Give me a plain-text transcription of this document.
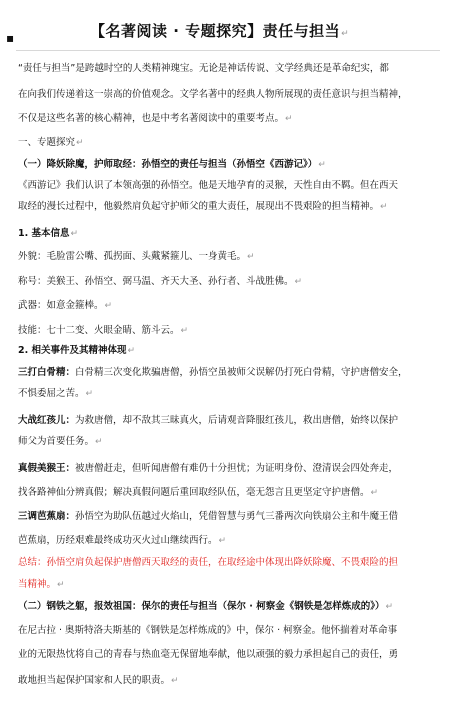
▪	【名著阅读 · 专题探究】责任与担当↵
“责任与担当”是跨越时空的人类精神瑰宝。无论是神话传说、文学经典还是革命纪实，都
在向我们传递着这一崇高的价值观念。文学名著中的经典人物所展现的责任意识与担当精神，
不仅是这些名著的核心精神，也是中考名著阅读中的重要考点。↵
一、专题探究↵
（一）降妖除魔，护师取经：孙悟空的责任与担当（孙悟空《西游记》）↵
《西游记》我们认识了本领高强的孙悟空。他是天地孕育的灵猴，天性自由不羁。但在西天
取经的漫长过程中，他毅然肩负起守护师父的重大责任，展现出不畏艰险的担当精神。↵
1. 基本信息↵
外貌：毛脸雷公嘴、孤拐面、头戴紧箍儿、一身黄毛。↵
称号：美猴王、孙悟空、弼马温、齐天大圣、孙行者、斗战胜佛。↵
武器：如意金箍棒。↵
技能：七十二变、火眼金睛、筋斗云。↵
2. 相关事件及其精神体现↵
三打白骨精：白骨精三次变化欺骗唐僧，孙悟空虽被师父误解仍打死白骨精，守护唐僧安全，
不惧委屈之苦。↵
大战红孩儿：为救唐僧，却不敌其三昧真火，后请观音降服红孩儿，救出唐僧，始终以保护
师父为首要任务。↵
真假美猴王：被唐僧赶走，但听闻唐僧有难仍十分担忧；为证明身份、澄清误会四处奔走，
找各路神仙分辨真假；解决真假问题后重回取经队伍，毫无怨言且更坚定守护唐僧。↵
三调芭蕉扇：孙悟空为助队伍越过火焰山，凭借智慧与勇气三番两次向铁扇公主和牛魔王借
芭蕉扇，历经艰难最终成功灭火过山继续西行。↵
总结：孙悟空肩负起保护唐僧西天取经的责任，在取经途中体现出降妖除魔、不畏艰险的担
当精神。↵
（二）钢铁之躯，报效祖国：保尔的责任与担当（保尔 · 柯察金《钢铁是怎样炼成的》）↵
在尼古拉 · 奥斯特洛夫斯基的《钢铁是怎样炼成的》中，保尔 · 柯察金。他怀揣着对革命事
业的无限热忱将自己的青春与热血毫无保留地奉献，他以顽强的毅力承担起自己的责任，勇
敢地担当起保护国家和人民的职责。↵
